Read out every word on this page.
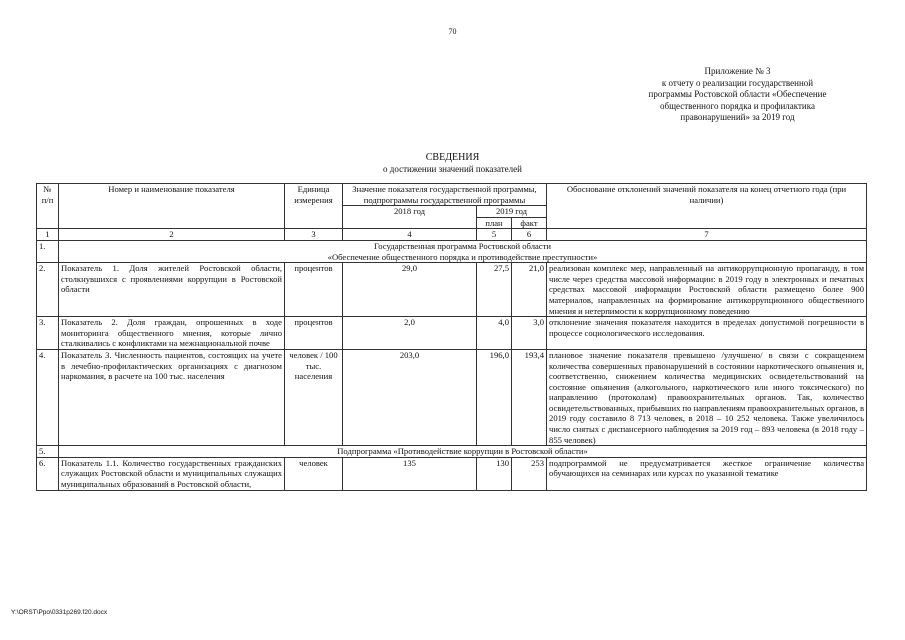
70
Приложение № 3
к отчету о реализации государственной
программы Ростовской области «Обеспечение
общественного порядка и профилактика
правонарушений» за 2019 год
СВЕДЕНИЯ
о достижении значений показателей
№ п/п	Номер и наименование показателя	Единица измерения	Значение показателя государственной программы, подпрограммы государственной программы			Обоснование отклонений значений показателя на конец отчетного года (при наличии)
			2018 год	2019 год		
				план	факт	
1	2	3	4	5	6	7
1.	Государственная программа Ростовской области
«Обеспечение общественного порядка и противодействие преступности»					

2.	Показатель 1. Доля жителей Ростовской области, столкнувшихся с проявлениями коррупции в Ростовской области	процентов	29,0	27,5	21,0	реализован комплекс мер, направленный на антикоррупционную пропаганду, в том числе через средства массовой информации: в 2019 году в электронных и печатных средствах массовой информации Ростовской области размещено более 900 материалов, направленных на формирование антикоррупционного общественного мнения и нетерпимости к коррупционному поведению
3.	Показатель 2. Доля граждан, опрошенных в ходе мониторинга общественного мнения, которые лично сталкивались с конфликтами на межнациональной почве	процентов	2,0	4,0	3,0	отклонение значения показателя находится в пределах допустимой погрешности в процессе социологического исследования.
4.	Показатель 3. Численность пациентов, состоящих на учете в лечебно-профилактических организациях с диагнозом наркомания, в расчете на 100 тыс. населения	человек / 100 тыс. населения	203,0	196,0	193,4	плановое значение показателя превышено /улучшено/ в связи с сокращением количества совершенных правонарушений в состоянии наркотического опьянения и, соответственно, снижением количества медицинских освидетельствований на состояние опьянения (алкогольного, наркотического или иного токсического) по направлению (протоколам) правоохранительных органов. Так, количество освидетельствованных, прибывших по направлениям правоохранительных органов, в 2019 году составило 8 713 человек, в 2018 – 10 252 человека. Также увеличилось число снятых с диспансерного наблюдения за 2019 год – 893 человека (в 2018 году – 855 человек)
5.	Подпрограмма «Противодействие коррупции в Ростовской области»					
6.	Показатель 1.1. Количество государственных гражданских служащих Ростовской области и муниципальных служащих муниципальных образований в Ростовской области,	человек	135	130	253	подпрограммой не предусматривается жесткое ограничение количества обучающихся на семинарах или курсах по указанной тематике
Y:\ORST\Ppo\0331p269.f20.docx
